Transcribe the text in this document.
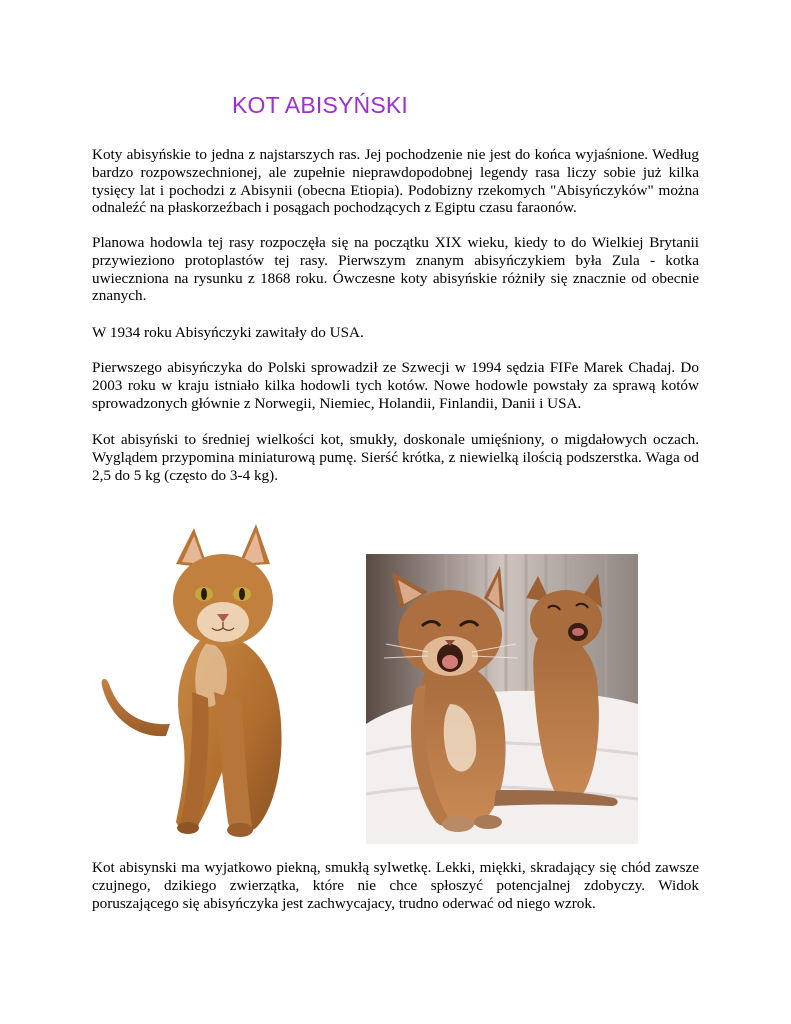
KOT ABISYŃSKI

Koty abisyńskie to jedna z najstarszych ras. Jej pochodzenie nie jest do końca wyjaśnione. Według bardzo rozpowszechnionej, ale zupełnie nieprawdopodobnej legendy rasa liczy sobie już kilka tysięcy lat i pochodzi z Abisynii (obecna Etiopia). Podobizny rzekomych "Abisyńczyków" można odnaleźć na płaskorzeźbach i posągach pochodzących z Egiptu czasu faraonów.

Planowa hodowla tej rasy rozpoczęła się na początku XIX wieku, kiedy to do Wielkiej Brytanii przywieziono protoplastów tej rasy. Pierwszym znanym abisyńczykiem była Zula - kotka uwieczniona na rysunku z 1868 roku. Ówczesne koty abisyńskie różniły się znacznie od obecnie znanych.

W 1934 roku Abisyńczyki zawitały do USA.

Pierwszego abisyńczyka do Polski sprowadził ze Szwecji w 1994 sędzia FIFe Marek Chadaj. Do 2003 roku w kraju istniało kilka hodowli tych kotów. Nowe hodowle powstały za sprawą kotów sprowadzonych głównie z Norwegii, Niemiec, Holandii, Finlandii, Danii i USA.

Kot abisyński to średniej wielkości kot, smukły, doskonale umięśniony, o migdałowych oczach. Wyglądem przypomina miniaturową pumę. Sierść krótka, z niewielką ilością podszerstka. Waga od 2,5 do 5 kg (często do 3-4 kg).

Kot abisynski ma wyjatkowo piekną, smukłą sylwetkę. Lekki, miękki, skradający się chód zawsze czujnego, dzikiego zwierzątka, które nie chce spłoszyć potencjalnej zdobyczy. Widok poruszającego się abisyńczyka jest zachwycajacy, trudno oderwać od niego wzrok.
